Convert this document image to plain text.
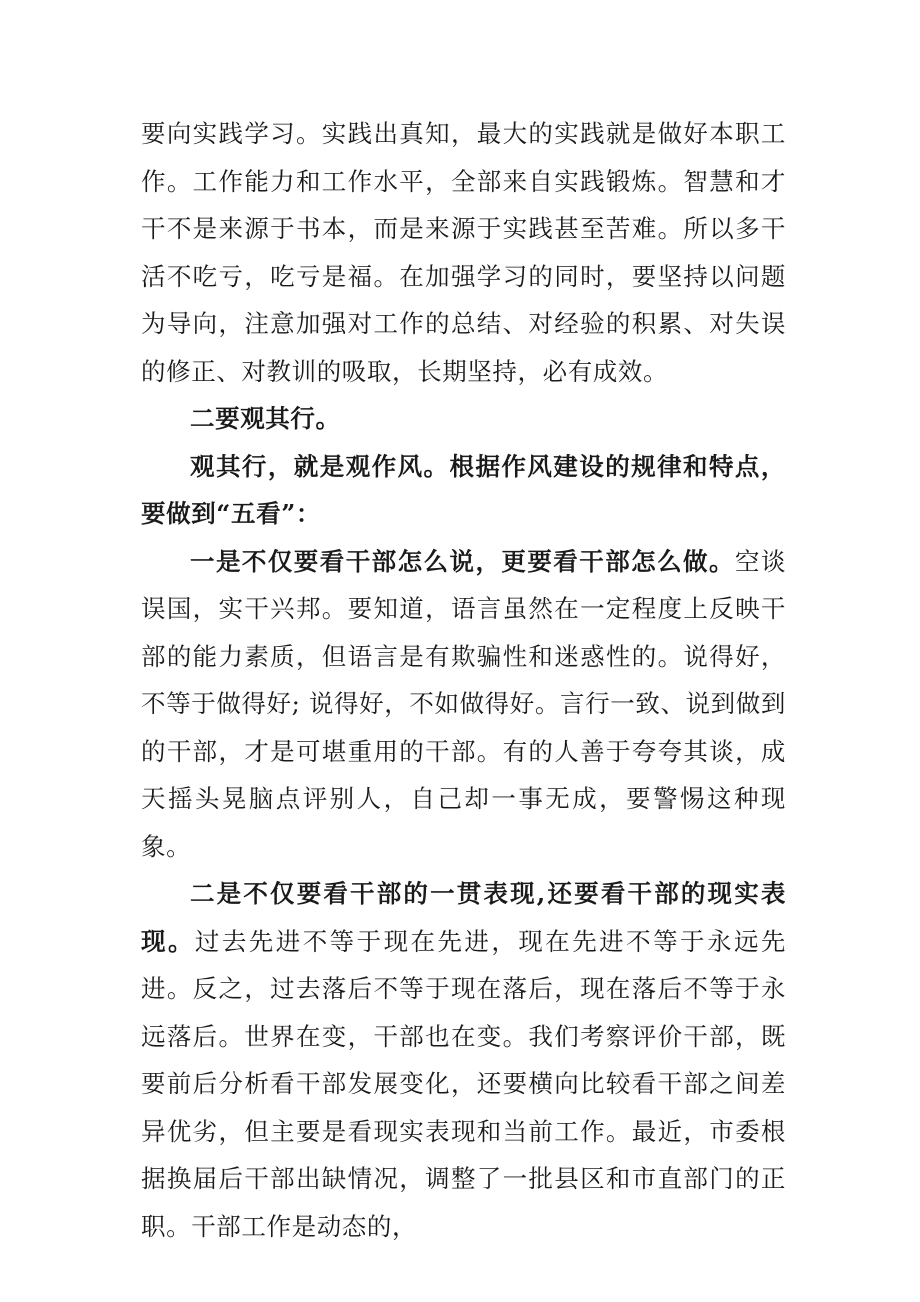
要向实践学习。实践出真知，最大的实践就是做好本职工作。工作能力和工作水平，全部来自实践锻炼。智慧和才干不是来源于书本，而是来源于实践甚至苦难。所以多干活不吃亏，吃亏是福。在加强学习的同时，要坚持以问题为导向，注意加强对工作的总结、对经验的积累、对失误的修正、对教训的吸取，长期坚持，必有成效。

二要观其行。

观其行，就是观作风。根据作风建设的规律和特点，要做到“五看”：

一是不仅要看干部怎么说，更要看干部怎么做。空谈误国，实干兴邦。要知道，语言虽然在一定程度上反映干部的能力素质，但语言是有欺骗性和迷惑性的。说得好，不等于做得好; 说得好，不如做得好。言行一致、说到做到的干部，才是可堪重用的干部。有的人善于夸夸其谈，成天摇头晃脑点评别人，自己却一事无成，要警惕这种现象。

二是不仅要看干部的一贯表现,还要看干部的现实表现。过去先进不等于现在先进，现在先进不等于永远先进。反之，过去落后不等于现在落后，现在落后不等于永远落后。世界在变，干部也在变。我们考察评价干部，既要前后分析看干部发展变化，还要横向比较看干部之间差异优劣，但主要是看现实表现和当前工作。最近，市委根据换届后干部出缺情况，调整了一批县区和市直部门的正职。干部工作是动态的，
